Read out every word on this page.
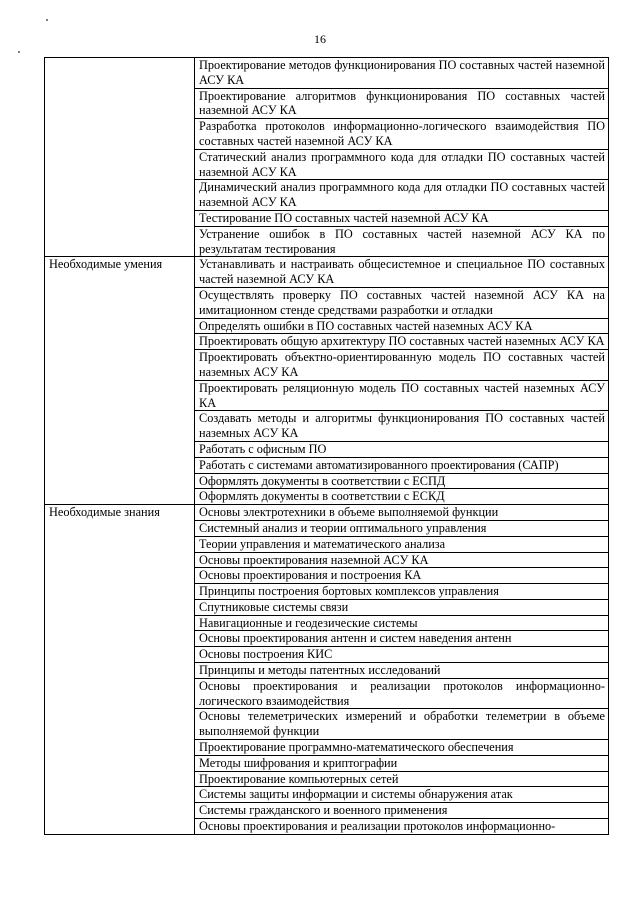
16
	Проектирование методов функционирования ПО составных частей наземной АСУ КА
	Проектирование алгоритмов функционирования ПО составных частей наземной АСУ КА
	Разработка протоколов информационно-логического взаимодействия ПО составных частей наземной АСУ КА
	Статический анализ программного кода для отладки ПО составных частей наземной АСУ КА
	Динамический анализ программного кода для отладки ПО составных частей наземной АСУ КА
	Тестирование ПО составных частей наземной АСУ КА
	Устранение ошибок в ПО составных частей наземной АСУ КА по результатам тестирования
Необходимые умения	Устанавливать и настраивать общесистемное и специальное ПО составных частей наземной АСУ КА
	Осуществлять проверку ПО составных частей наземной АСУ КА на имитационном стенде средствами разработки и отладки
	Определять ошибки в ПО составных частей наземных АСУ КА
	Проектировать общую архитектуру ПО составных частей наземных АСУ КА
	Проектировать объектно-ориентированную модель ПО составных частей наземных АСУ КА
	Проектировать реляционную модель ПО составных частей наземных АСУ КА
	Создавать методы и алгоритмы функционирования ПО составных частей наземных АСУ КА
	Работать с офисным ПО
	Работать с системами автоматизированного проектирования (САПР)
	Оформлять документы в соответствии с ЕСПД
	Оформлять документы в соответствии с ЕСКД
Необходимые знания	Основы электротехники в объеме выполняемой функции
	Системный анализ и теории оптимального управления
	Теории управления и математического анализа
	Основы проектирования наземной АСУ КА
	Основы проектирования и построения КА
	Принципы построения бортовых комплексов управления
	Спутниковые системы связи
	Навигационные и геодезические системы
	Основы проектирования антенн и систем наведения антенн
	Основы построения КИС
	Принципы и методы патентных исследований
	Основы проектирования и реализации протоколов информационно-логического взаимодействия
	Основы телеметрических измерений и обработки телеметрии в объеме выполняемой функции
	Проектирование программно-математического обеспечения
	Методы шифрования и криптографии
	Проектирование компьютерных сетей
	Системы защиты информации и системы обнаружения атак
	Системы гражданского и военного применения
	Основы проектирования и реализации протоколов информационно-
